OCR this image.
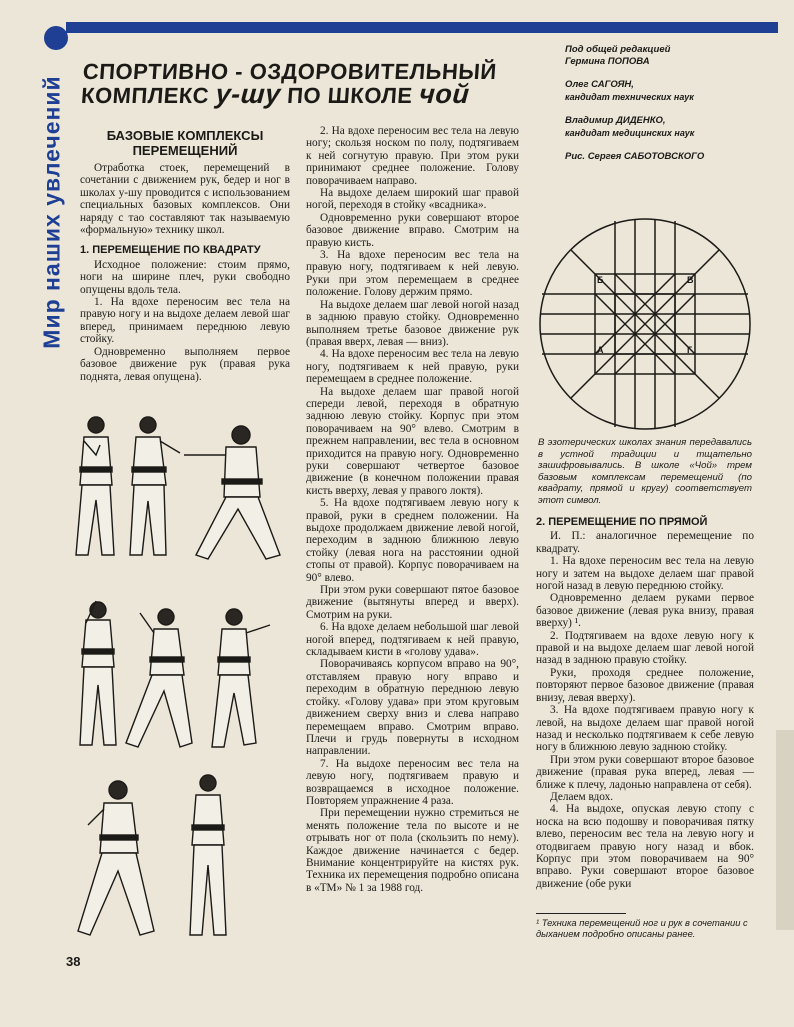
Мир наших увлечений
СПОРТИВНО - ОЗДОРОВИТЕЛЬНЫЙ
КОМПЛЕКС у-шу ПО ШКОЛЕ чой

Под общей редакцией
Гермина ПОПОВА

Олег САГОЯН,
кандидат технических наук

Владимир ДИДЕНКО,
кандидат медицинских наук

Рис. Сергея САБОТОВСКОГО

БАЗОВЫЕ КОМПЛЕКСЫ ПЕРЕМЕЩЕНИЙ

Отработка стоек, перемещений в сочетании с движением рук, бедер и ног в школах у-шу проводится с использованием специальных базовых комплексов. Они наряду с тао составляют так называемую «формальную» технику школ.

1. ПЕРЕМЕЩЕНИЕ ПО КВАДРАТУ

Исходное положение: стоим прямо, ноги на ширине плеч, руки свободно опущены вдоль тела.

1. На вдохе переносим вес тела на правую ногу и на выдохе делаем левой шаг вперед, принимаем переднюю левую стойку.

Одновременно выполняем первое базовое движение рук (правая рука поднята, левая опущена).

2. На вдохе переносим вес тела на левую ногу; скользя носком по полу, подтягиваем к ней согнутую правую. При этом руки принимают среднее положение. Голову поворачиваем направо.

На выдохе делаем широкий шаг правой ногой, переходя в стойку «всадника».

Одновременно руки совершают второе базовое движение вправо. Смотрим на правую кисть.

3. На вдохе переносим вес тела на правую ногу, подтягиваем к ней левую. Руки при этом перемещаем в среднее положение. Голову держим прямо.

На выдохе делаем шаг левой ногой назад в заднюю правую стойку. Одновременно выполняем третье базовое движение рук (правая вверх, левая — вниз).

4. На вдохе переносим вес тела на левую ногу, подтягиваем к ней правую, руки перемещаем в среднее положение.

На выдохе делаем шаг правой ногой спереди левой, переходя в обратную заднюю левую стойку. Корпус при этом поворачиваем на 90° влево. Смотрим в прежнем направлении, вес тела в основном приходится на правую ногу. Одновременно руки совершают четвертое базовое движение (в конечном положении правая кисть вверху, левая у правого локтя).

5. На вдохе подтягиваем левую ногу к правой, руки в среднем положении. На выдохе продолжаем движение левой ногой, переходим в заднюю ближнюю левую стойку (левая нога на расстоянии одной стопы от правой). Корпус поворачиваем на 90° влево.

При этом руки совершают пятое базовое движение (вытянуты вперед и вверх). Смотрим на руки.

6. На вдохе делаем небольшой шаг левой ногой вперед, подтягиваем к ней правую, складываем кисти в «голову удава».

Поворачиваясь корпусом вправо на 90°, отставляем правую ногу вправо и переходим в обратную переднюю левую стойку. «Голову удава» при этом круговым движением сверху вниз и слева направо перемещаем вправо. Смотрим вправо. Плечи и грудь повернуты в исходном направлении.

7. На выдохе переносим вес тела на левую ногу, подтягиваем правую и возвращаемся в исходное положение. Повторяем упражнение 4 раза.

При перемещении нужно стремиться не менять положение тела по высоте и не отрывать ног от пола (скользить по нему). Каждое движение начинается с бедер. Внимание концентрируйте на кистях рук. Техника их перемещения подробно описана в «ТМ» № 1 за 1988 год.

Б	В
А	Г
В эзотерических школах знания передавались в устной традиции и тщательно зашифровывались. В школе «Чой» трем базовым комплексам перемещений (по квадрату, прямой и кругу) соответствует этот символ.
2. ПЕРЕМЕЩЕНИЕ ПО ПРЯМОЙ

И. П.: аналогичное перемещение по квадрату.

1. На вдохе переносим вес тела на левую ногу и затем на выдохе делаем шаг правой ногой назад в левую переднюю стойку.

Одновременно делаем руками первое базовое движение (левая рука внизу, правая вверху) ¹.

2. Подтягиваем на вдохе левую ногу к правой и на выдохе делаем шаг левой ногой назад в заднюю правую стойку.

Руки, проходя среднее положение, повторяют первое базовое движение (правая внизу, левая вверху).

3. На вдохе подтягиваем правую ногу к левой, на выдохе делаем шаг правой ногой назад и несколько подтягиваем к себе левую ногу в ближнюю левую заднюю стойку.

При этом руки совершают второе базовое движение (правая рука вперед, левая — ближе к плечу, ладонью направлена от себя).

Делаем вдох.

4. На выдохе, опуская левую стопу с носка на всю подошву и поворачивая пятку влево, переносим вес тела на левую ногу и отодвигаем правую ногу назад и вбок. Корпус при этом поворачиваем на 90° вправо. Руки совершают второе базовое движение (обе руки

¹ Техника перемещений ног и рук в сочетании с дыханием подробно описаны ранее.
38
